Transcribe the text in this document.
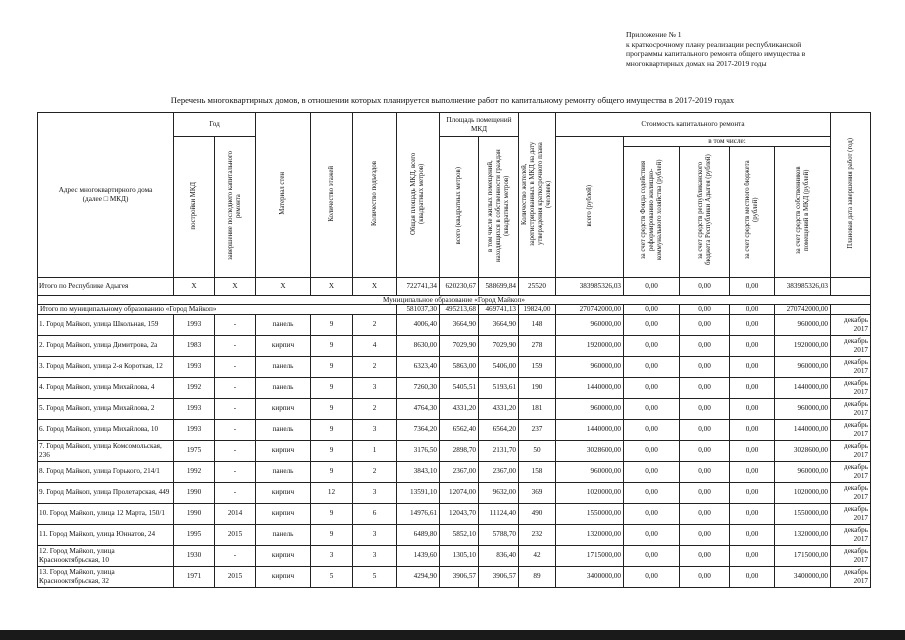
Приложение № 1
к краткосрочному плану реализации республиканской
программы капитального ремонта общего имущества в
многоквартирных домах на 2017-2019 годы
Перечень многоквартирных домов, в отношении которых планируется выполнение работ по капитальному ремонту общего имущества в 2017-2019 годах
Адрес многоквартирного дома
(далее □ МКД)	Год		Материал стен	Количество этажей	Количество подъездов	Общая площадь МКД, всего (квадратных метров)	Площадь помещений МКД		Количество жителей, зарегистрированных в МКД на дату утверждения краткосрочного плана (человек)	Стоимость капитального ремонта					Плановая дата завершения работ (год)
	постройки МКД	завершение последнего капитального ремонта					всего (квадратных метров)	в том числе жилых помещений, находящихся в собственности граждан (квадратных метров)		всего (рублей)	в том числе:				
											за счет средств Фонда содействия реформированию жилищно-коммунального хозяйства (рублей)	за счет средств республиканского бюджета Республики Адыгея (рублей)	за счет средств местного бюджета (рублей)	за счет средств собственников помещений в МКД (рублей)	
Итого по Республике Адыгея	X	X	X	X	X	722741,34	620230,67	588699,84	25520	383985326,03	0,00	0,00	0,00	383985326,03	
Муниципальное образование «Город Майкоп»															
Итого по муниципальному образованию «Город Майкоп»						581037,30	495213,68	469741,13	19824,00	270742000,00	0,00	0,00	0,00	270742000,00	
1. Город Майкоп, улица Школьная, 159	1993	-	панель	9	2	4006,40	3664,90	3664,90	148	960000,00	0,00	0,00	0,00	960000,00	декабрь 2017
2. Город Майкоп, улица Димитрова, 2а	1983	-	кирпич	9	4	8630,00	7029,90	7029,90	278	1920000,00	0,00	0,00	0,00	1920000,00	декабрь 2017
3. Город Майкоп, улица 2-я Короткая, 12	1993	-	панель	9	2	6323,40	5863,00	5406,00	159	960000,00	0,00	0,00	0,00	960000,00	декабрь 2017
4. Город Майкоп, улица Михайлова, 4	1992	-	панель	9	3	7260,30	5405,51	5193,61	190	1440000,00	0,00	0,00	0,00	1440000,00	декабрь 2017
5. Город Майкоп, улица Михайлова, 2	1993	-	кирпич	9	2	4764,30	4331,20	4331,20	181	960000,00	0,00	0,00	0,00	960000,00	декабрь 2017
6. Город Майкоп, улица Михайлова, 10	1993	-	панель	9	3	7364,20	6562,40	6564,20	237	1440000,00	0,00	0,00	0,00	1440000,00	декабрь 2017
7. Город Майкоп, улица Комсомольская, 236	1975	-	кирпич	9	1	3176,50	2898,70	2131,70	50	3028600,00	0,00	0,00	0,00	3028600,00	декабрь 2017
8. Город Майкоп, улица Горького, 214/1	1992	-	панель	9	2	3843,10	2367,00	2367,00	158	960000,00	0,00	0,00	0,00	960000,00	декабрь 2017
9. Город Майкоп, улица Пролетарская, 449	1990	-	кирпич	12	3	13591,10	12074,00	9632,00	369	1020000,00	0,00	0,00	0,00	1020000,00	декабрь 2017
10. Город Майкоп, улица 12 Марта, 150/1	1990	2014	кирпич	9	6	14976,61	12043,70	11124,40	490	1550000,00	0,00	0,00	0,00	1550000,00	декабрь 2017
11. Город Майкоп, улица Юннатов, 24	1995	2015	панель	9	3	6489,80	5852,10	5788,70	232	1320000,00	0,00	0,00	0,00	1320000,00	декабрь 2017
12. Город Майкоп, улица Краснооктябрьская, 10	1930	-	кирпич	3	3	1439,60	1305,10	836,40	42	1715000,00	0,00	0,00	0,00	1715000,00	декабрь 2017
13. Город Майкоп, улица Краснооктябрьская, 32	1971	2015	кирпич	5	5	4294,90	3906,57	3906,57	89	3400000,00	0,00	0,00	0,00	3400000,00	декабрь 2017
